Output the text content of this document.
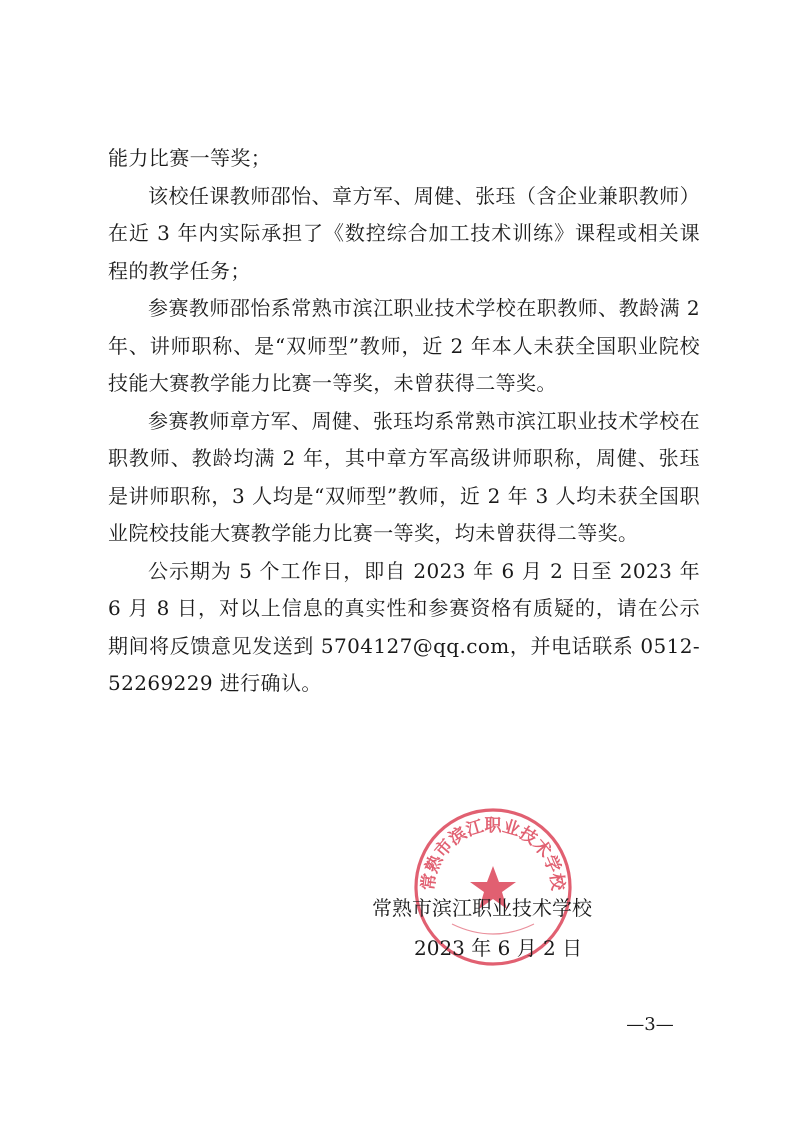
能力比赛一等奖；

该校任课教师邵怡、章方军、周健、张珏（含企业兼职教师）在近 3 年内实际承担了《数控综合加工技术训练》课程或相关课程的教学任务；

参赛教师邵怡系常熟市滨江职业技术学校在职教师、教龄满 2 年、讲师职称、是“双师型”教师，近 2 年本人未获全国职业院校技能大赛教学能力比赛一等奖，未曾获得二等奖。

参赛教师章方军、周健、张珏均系常熟市滨江职业技术学校在职教师、教龄均满 2 年，其中章方军高级讲师职称，周健、张珏是讲师职称，3 人均是“双师型”教师，近 2 年 3 人均未获全国职业院校技能大赛教学能力比赛一等奖，均未曾获得二等奖。

公示期为 5 个工作日，即自 2023 年 6 月 2 日至 2023 年 6 月 8 日，对以上信息的真实性和参赛资格有质疑的，请在公示期间将反馈意见发送到 5704127@qq.com，并电话联系 0512-52269229 进行确认。

常熟市滨江职业技术学校
常熟市滨江职业技术学校
2023 年 6 月 2 日
—3—
